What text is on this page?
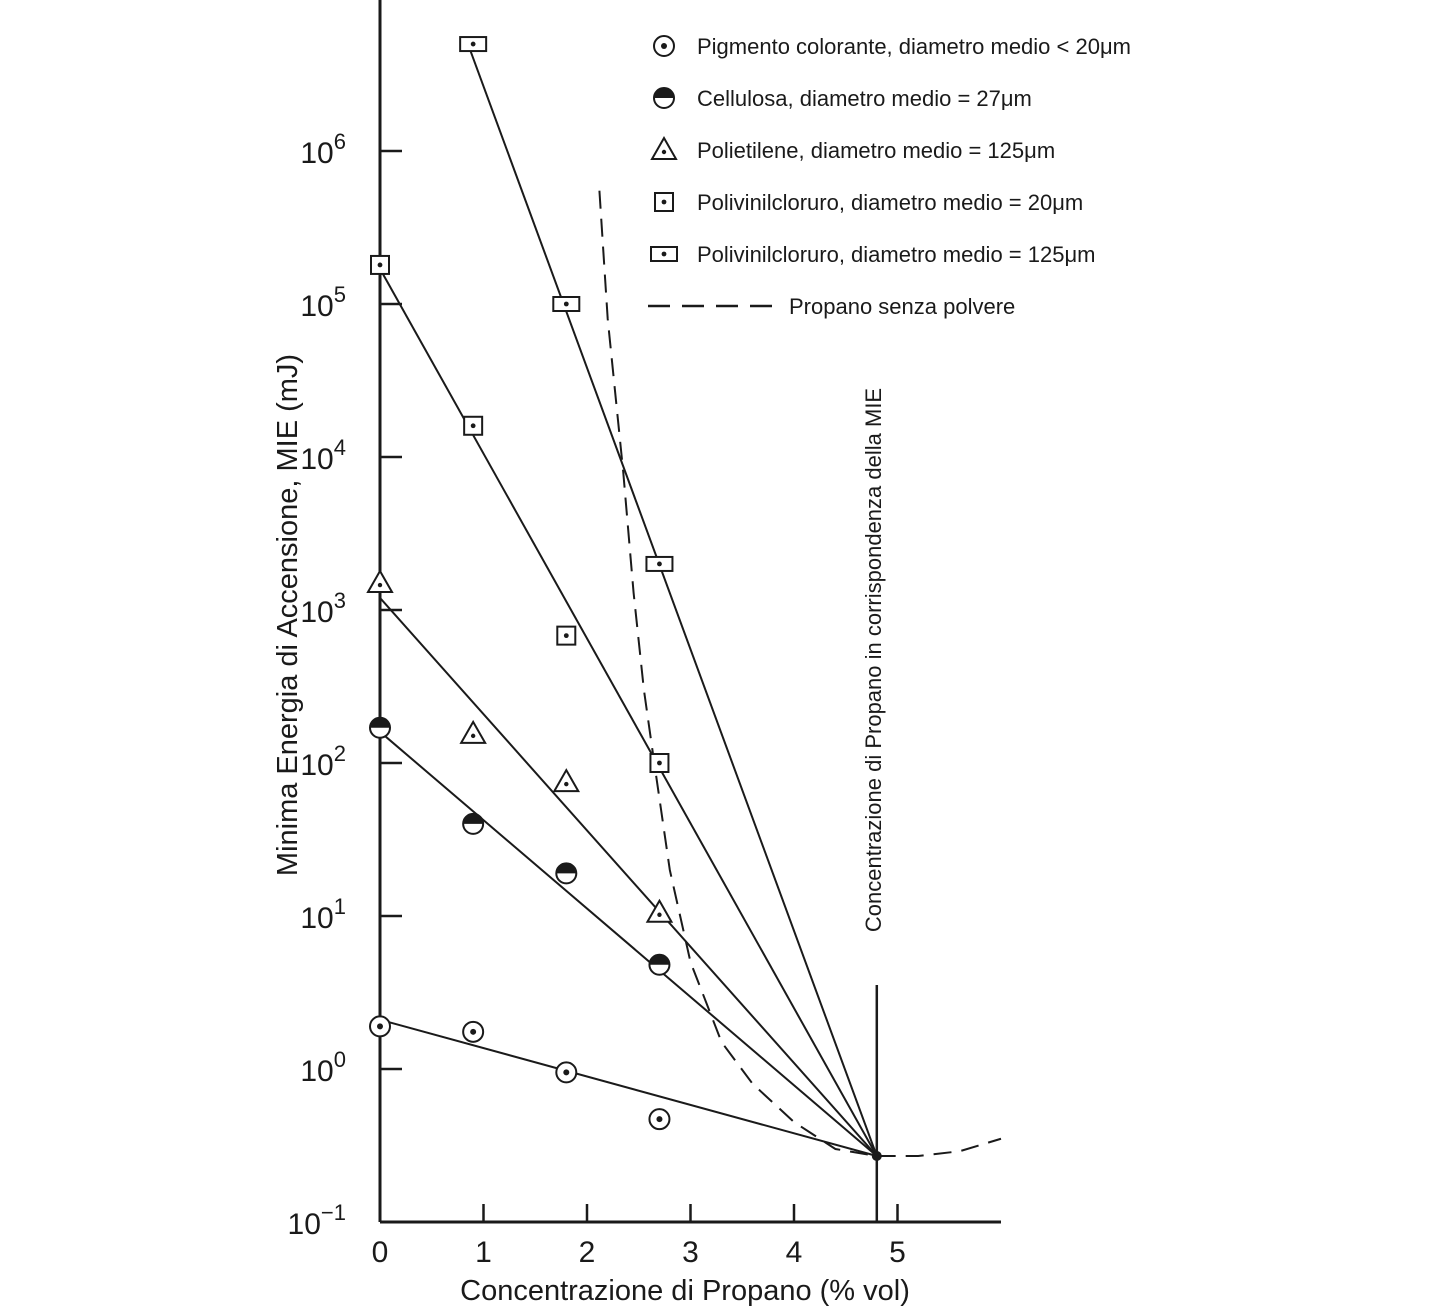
$10^{-1}$
$10^0$
$10^1$
$10^2$
$10^3$
$10^4$
$10^5$
$10^6$
0	1	2	3	4	5
Concentrazione di Propano (% vol)
Minima Energia di Accensione, MIE (mJ)	Concentrazione di Propano in corrispondenza della MIE
Pigmento colorante, diametro medio < 20μm
Cellulosa, diametro medio = 27μm
Polietilene, diametro medio = 125μm
Polivinilcloruro, diametro medio = 20μm
Polivinilcloruro, diametro medio = 125μm
Propano senza polvere
